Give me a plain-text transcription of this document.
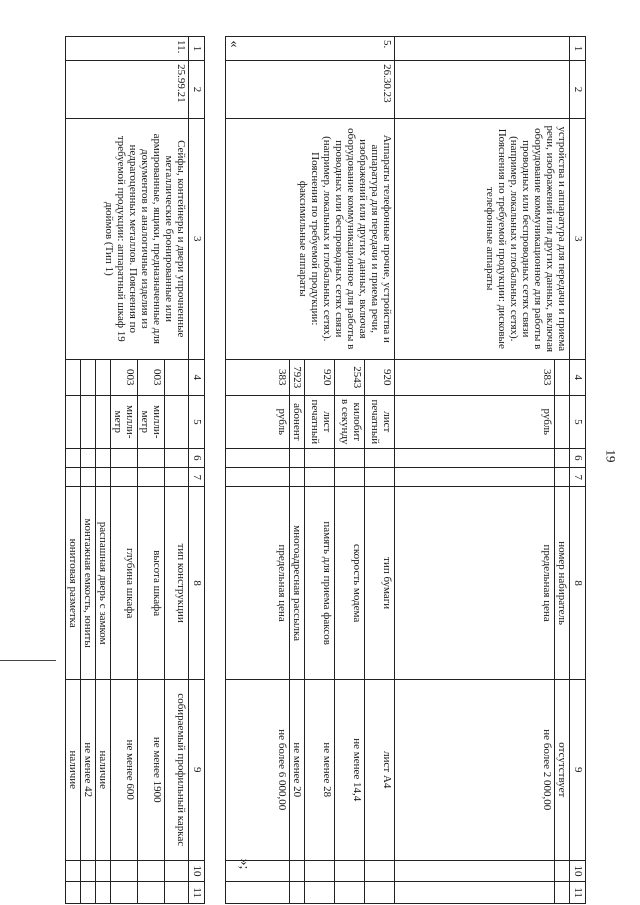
19
«
»;
1	2	3	4	5	6	7	8	9	10	11
		устройства и аппаратура для передачи и приема речи, изображений или других данных, включая оборудование коммуникационное для работы в проводных или беспроводных сетях связи (например, локальных и глобальных сетях). Пояснения по требуемой продукции: дисковые телефонные аппараты					номер набиратель	отсутствует		
			383	рубль			предельная цена	не более 2 000,00		
5.	26.30.23	Аппараты телефонные прочие, устройства и аппаратура для передачи и приема речи, изображений или других данных, включая оборудование коммуникационное для работы в проводных или беспроводных сетях связи (например, локальных и глобальных сетях). Пояснения по требуемой продукции: факсимильные аппараты	920	лист печатный			тип бумаги	лист А4		
			2543	килобит в секунду			скорость модема	не менее 14,4		
			920	лист печатный			память для приема факсов	не менее 28		
			7923	абонент			многоадресная рассылка	не менее 20		
			383	рубль			предельная цена	не более 6 000,00		
1	2	3	4	5	6	7	8	9	10	11
11.	25.99.21	Сейфы, контейнеры и двери упрочненные металлические бронированные или армированные, ящики, предназначенные для документов и аналогичные изделия из недрагоценных металлов. Пояснения по требуемой продукции: аппаратный шкаф 19 дюймов (Тип 1)					тип конструкции	собираемый профильный каркас		
			003	милли-метр			высота шкафа	не менее 1900		
			003	милли-метр			глубина шкафа	не менее 600		
							распашная дверь с замком	наличие		
							монтажная емкость, юниты	не менее 42		
							юнитовая разметка	наличие		
